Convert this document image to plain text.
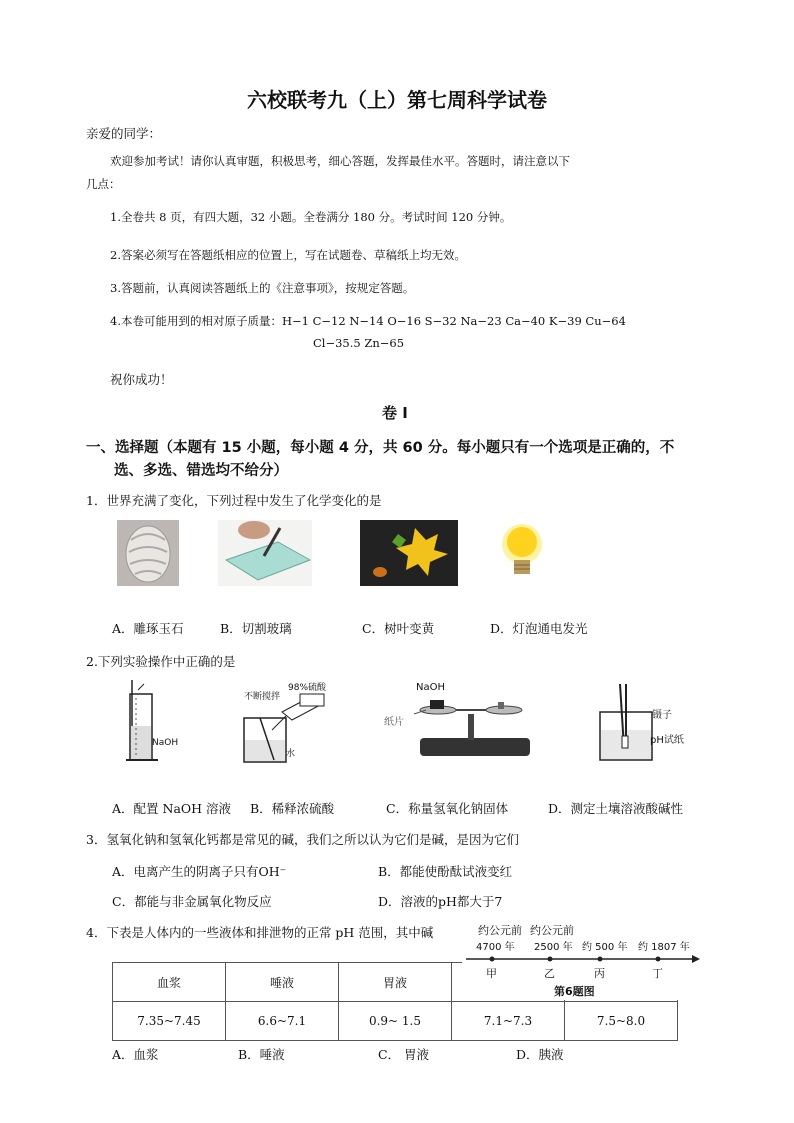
六校联考九（上）第七周科学试卷
亲爱的同学：
欢迎参加考试！请你认真审题，积极思考，细心答题，发挥最佳水平。答题时，请注意以下
几点：
1.全卷共 8 页，有四大题，32 小题。全卷满分 180 分。考试时间 120 分钟。
2.答案必须写在答题纸相应的位置上，写在试题卷、草稿纸上均无效。
3.答题前，认真阅读答题纸上的《注意事项》，按规定答题。
4.本卷可能用到的相对原子质量：H−1 C−12 N−14 O−16 S−32 Na−23 Ca−40 K−39 Cu−64
Cl−35.5 Zn−65
祝你成功！
卷 I
一、选择题（本题有 15 小题，每小题 4 分，共 60 分。每小题只有一个选项是正确的，不
选、多选、错选均不给分）
1．世界充满了变化，下列过程中发生了化学变化的是
A．雕琢玉石	B．切割玻璃	C．树叶变黄	D．灯泡通电发光
2.下列实验操作中正确的是
NaOH
不断搅拌
98%硫酸
水
NaOH
纸片
镊子
pH试纸
A．配置 NaOH 溶液 B．稀释浓硫酸	C．称量氢氧化钠固体	D．测定土壤溶液酸碱性
3．氢氧化钠和氢氧化钙都是常见的碱，我们之所以认为它们是碱，是因为它们
A．电离产生的阴离子只有OH⁻	B．都能使酚酞试液变红
C．都能与非金属氧化物反应	D．溶液的pH都大于7
4．下表是人体内的一些液体和排泄物的正常 pH 范围，其中碱
血浆	唾液	胃液		
7.35~7.45	6.6~7.1	0.9~ 1.5	7.1~7.3	7.5~8.0
约公元前 约公元前
4700 年 2500 年 约 500 年 约 1807 年
甲	乙	丙	丁
第6题图
A．血浆	B．唾液	C． 胃液	D．胰液
